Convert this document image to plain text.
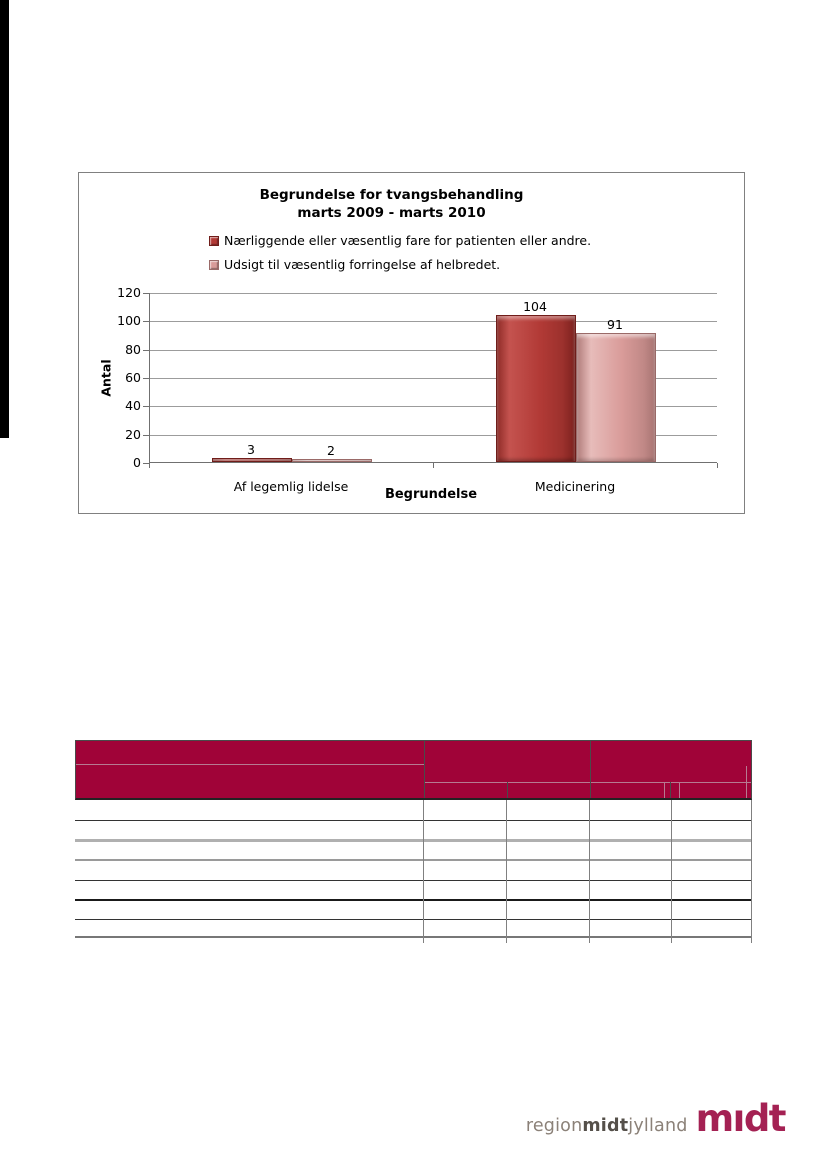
Begrundelse for tvangsbehandling
marts 2009 - marts 2010
Nærliggende eller væsentlig fare for patienten eller andre.
Udsigt til væsentlig forringelse af helbredet.
0
20
40
60
80
100
120
3	2
Af legemlig lidelse
104
91
Medicinering
Begrundelse
Antal
regionmidtjylland mıdt
